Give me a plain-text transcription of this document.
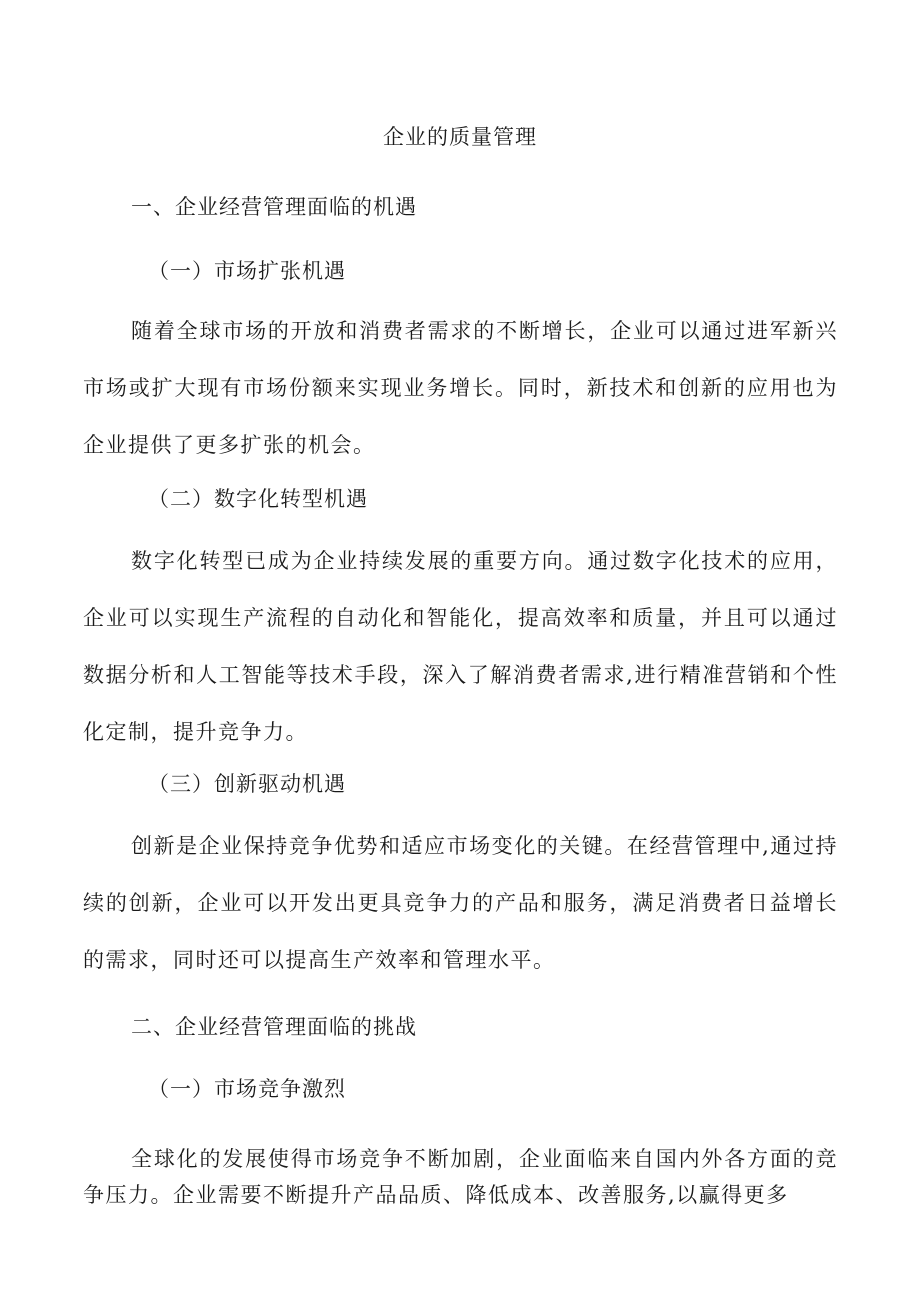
企业的质量管理
一、企业经营管理面临的机遇
（一）市场扩张机遇

随着全球市场的开放和消费者需求的不断增长，企业可以通过进军新兴市场或扩大现有市场份额来实现业务增长。同时，新技术和创新的应用也为企业提供了更多扩张的机会。

（二）数字化转型机遇

数字化转型已成为企业持续发展的重要方向。通过数字化技术的应用，企业可以实现生产流程的自动化和智能化，提高效率和质量，并且可以通过数据分析和人工智能等技术手段，深入了解消费者需求,进行精准营销和个性化定制，提升竞争力。

（三）创新驱动机遇

创新是企业保持竞争优势和适应市场变化的关键。在经营管理中,通过持续的创新，企业可以开发出更具竞争力的产品和服务，满足消费者日益增长的需求，同时还可以提高生产效率和管理水平。

二、企业经营管理面临的挑战
（一）市场竞争激烈

全球化的发展使得市场竞争不断加剧，企业面临来自国内外各方面的竞争压力。企业需要不断提升产品品质、降低成本、改善服务,以赢得更多
